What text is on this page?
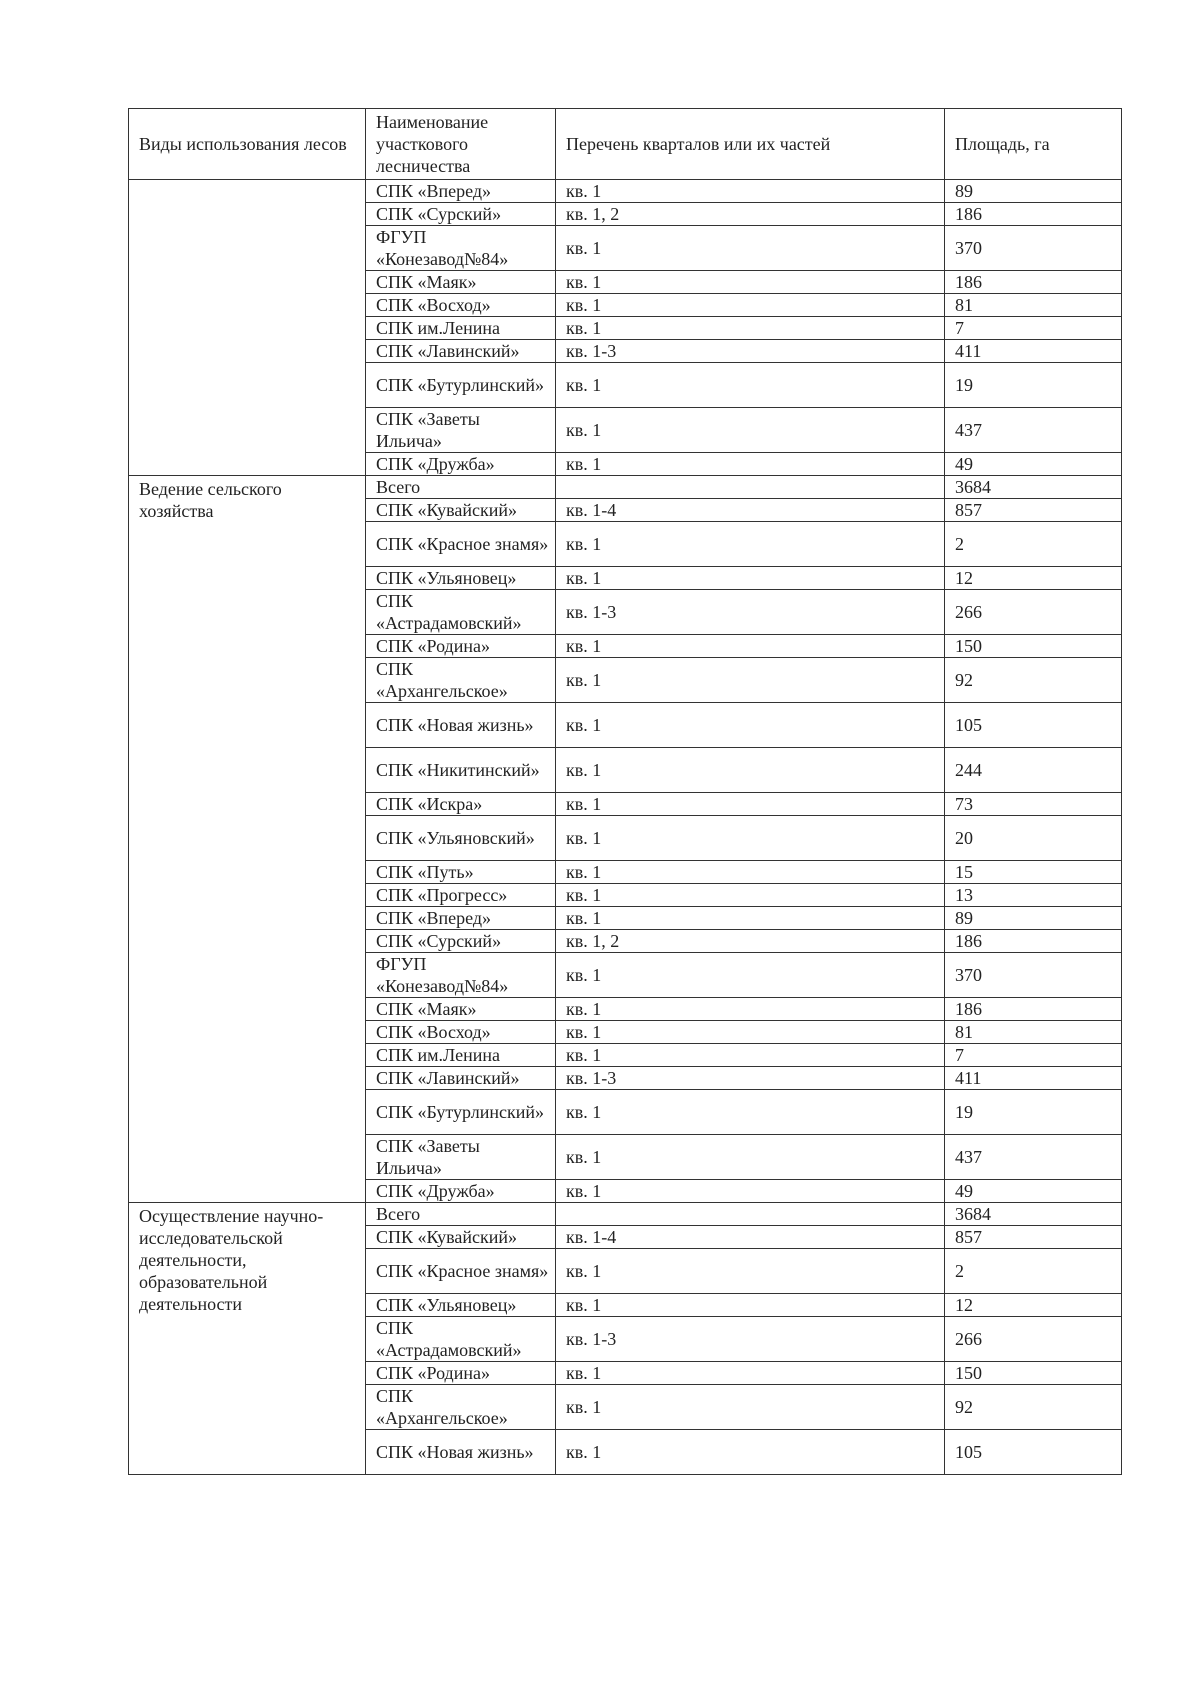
Виды использования лесов	Наименование участкового лесничества	Перечень кварталов или их частей	Площадь, га
	СПК «Вперед»	кв. 1	89
	СПК «Сурский»	кв. 1, 2	186
	ФГУП «Конезавод№84»	кв. 1	370
	СПК «Маяк»	кв. 1	186
	СПК «Восход»	кв. 1	81
	СПК им.Ленина	кв. 1	7
	СПК «Лавинский»	кв. 1-3	411
	СПК «Бутурлинский»	кв. 1	19
	СПК «Заветы Ильича»	кв. 1	437
	СПК «Дружба»	кв. 1	49
Ведение сельского хозяйства	Всего		3684
	СПК «Кувайский»	кв. 1-4	857
	СПК «Красное знамя»	кв. 1	2
	СПК «Ульяновец»	кв. 1	12
	СПК «Астрадамовский»	кв. 1-3	266
	СПК «Родина»	кв. 1	150
	СПК «Архангельское»	кв. 1	92
	СПК «Новая жизнь»	кв. 1	105
	СПК «Никитинский»	кв. 1	244
	СПК «Искра»	кв. 1	73
	СПК «Ульяновский»	кв. 1	20
	СПК «Путь»	кв. 1	15
	СПК «Прогресс»	кв. 1	13
	СПК «Вперед»	кв. 1	89
	СПК «Сурский»	кв. 1, 2	186
	ФГУП «Конезавод№84»	кв. 1	370
	СПК «Маяк»	кв. 1	186
	СПК «Восход»	кв. 1	81
	СПК им.Ленина	кв. 1	7
	СПК «Лавинский»	кв. 1-3	411
	СПК «Бутурлинский»	кв. 1	19
	СПК «Заветы Ильича»	кв. 1	437
	СПК «Дружба»	кв. 1	49
Осуществление научно-исследовательской деятельности, образовательной деятельности	Всего		3684
	СПК «Кувайский»	кв. 1-4	857
	СПК «Красное знамя»	кв. 1	2
	СПК «Ульяновец»	кв. 1	12
	СПК «Астрадамовский»	кв. 1-3	266
	СПК «Родина»	кв. 1	150
	СПК «Архангельское»	кв. 1	92
	СПК «Новая жизнь»	кв. 1	105
